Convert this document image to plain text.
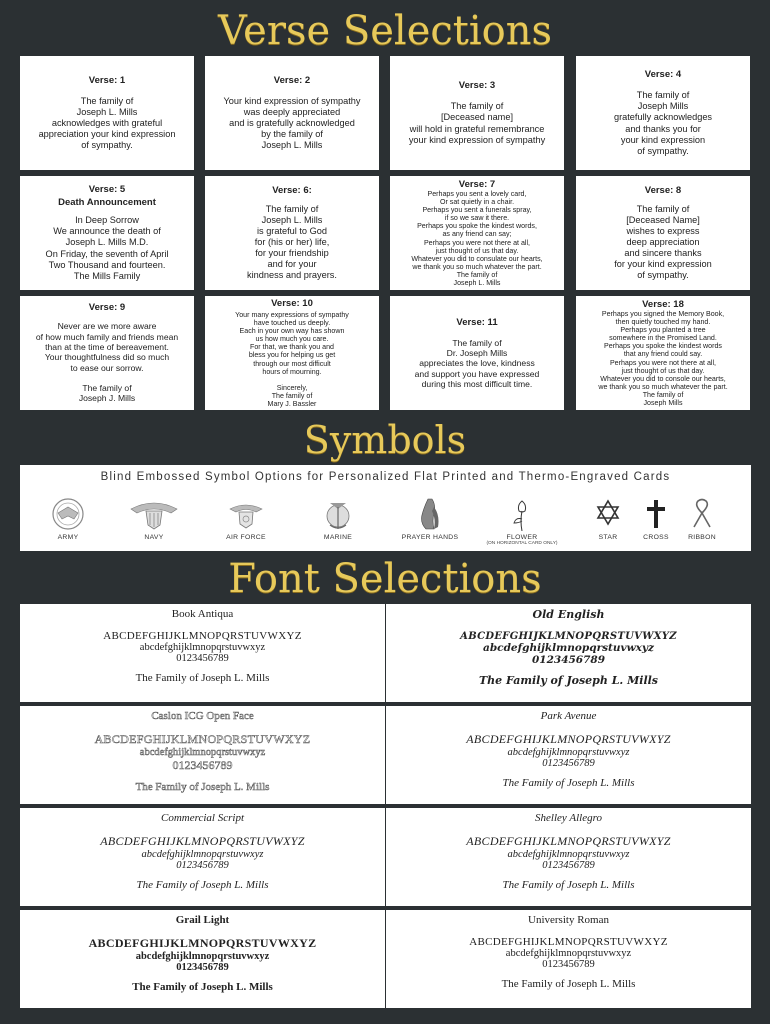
Verse Selections
Verse: 1
The family of
Joseph L. Mills
acknowledges with grateful
appreciation your kind expression
of sympathy.
Verse: 2
Your kind expression of sympathy
was deeply appreciated
and is gratefully acknowledged
by the family of
Joseph L. Mills
Verse: 3
The family of
[Deceased name]
will hold in grateful remembrance
your kind expression of sympathy
Verse: 4
The family of
Joseph Mills
gratefully acknowledges
and thanks you for
your kind expression
of sympathy.
Verse: 5
Death Announcement
In Deep Sorrow
We announce the death of
Joseph L. Mills M.D.
On Friday, the seventh of April
Two Thousand and fourteen.
The Mills Family
Verse: 6:
The family of
Joseph L. Mills
is grateful to God
for (his or her) life,
for your friendship
and for your
kindness and prayers.
Verse: 7
Perhaps you sent a lovely card,
Or sat quietly in a chair.
Perhaps you sent a funerals spray,
if so we saw it there.
Perhaps you spoke the kindest words,
as any friend can say;
Perhaps you were not there at all,
just thought of us that day.
Whatever you did to consulate our hearts,
we thank you so much whatever the part.
The family of
Joseph L. Mills
Verse: 8
The family of
[Deceased Name]
wishes to express
deep appreciation
and sincere thanks
for your kind expression
of sympathy.
Verse: 9
Never are we more aware
of how much family and friends mean
than at the time of bereavement.
Your thoughtfulness did so much
to ease our sorrow.

The family of
Joseph J. Mills
Verse: 10
Your many expressions of sympathy
have touched us deeply.
Each in your own way has shown
us how much you care.
For that, we thank you and
bless you for helping us get
through our most difficult
hours of mourning.

Sincerely,
The family of
Mary J. Bassler
Verse: 11
The family of
Dr. Joseph Mills
appreciates the love, kindness
and support you have expressed
during this most difficult time.
Verse: 18
Perhaps you signed the Memory Book,
then quietly touched my hand.
Perhaps you planted a tree
somewhere in the Promised Land.
Perhaps you spoke the kindest words
that any friend could say.
Perhaps you were not there at all,
just thought of us that day.
Whatever you did to console our hearts,
we thank you so much whatever the part.
The family of
Joseph Mills
Symbols
Blind Embossed Symbol Options for Personalized Flat Printed and Thermo-Engraved Cards
ARMY	NAVY	AIR FORCE	MARINE	PRAYER HANDS	FLOWER
(ON HORIZONTAL CARD ONLY)
STAR	CROSS	RIBBON
Font Selections
Book Antiqua
ABCDEFGHIJKLMNOPQRSTUVWXYZ
abcdefghijklmnopqrstuvwxyz
0123456789
The Family of Joseph L. Mills
Old English
ABCDEFGHIJKLMNOPQRSTUVWXYZ
abcdefghijklmnopqrstuvwxyz
0123456789
The Family of Joseph L. Mills
Caslon ICG Open Face
ABCDEFGHIJKLMNOPQRSTUVWXYZ
abcdefghijklmnopqrstuvwxyz
0123456789
The Family of Joseph L. Mills
Park Avenue
ABCDEFGHIJKLMNOPQRSTUVWXYZ
abcdefghijklmnopqrstuvwxyz
0123456789
The Family of Joseph L. Mills
Commercial Script
ABCDEFGHIJKLMNOPQRSTUVWXYZ
abcdefghijklmnopqrstuvwxyz
0123456789
The Family of Joseph L. Mills
Shelley Allegro
ABCDEFGHIJKLMNOPQRSTUVWXYZ
abcdefghijklmnopqrstuvwxyz
0123456789
The Family of Joseph L. Mills
Grail Light
ABCDEFGHIJKLMNOPQRSTUVWXYZ
abcdefghijklmnopqrstuvwxyz
0123456789
The Family of Joseph L. Mills
University Roman
ABCDEFGHIJKLMNOPQRSTUVWXYZ
abcdefghijklmnopqrstuvwxyz
0123456789
The Family of Joseph L. Mills
